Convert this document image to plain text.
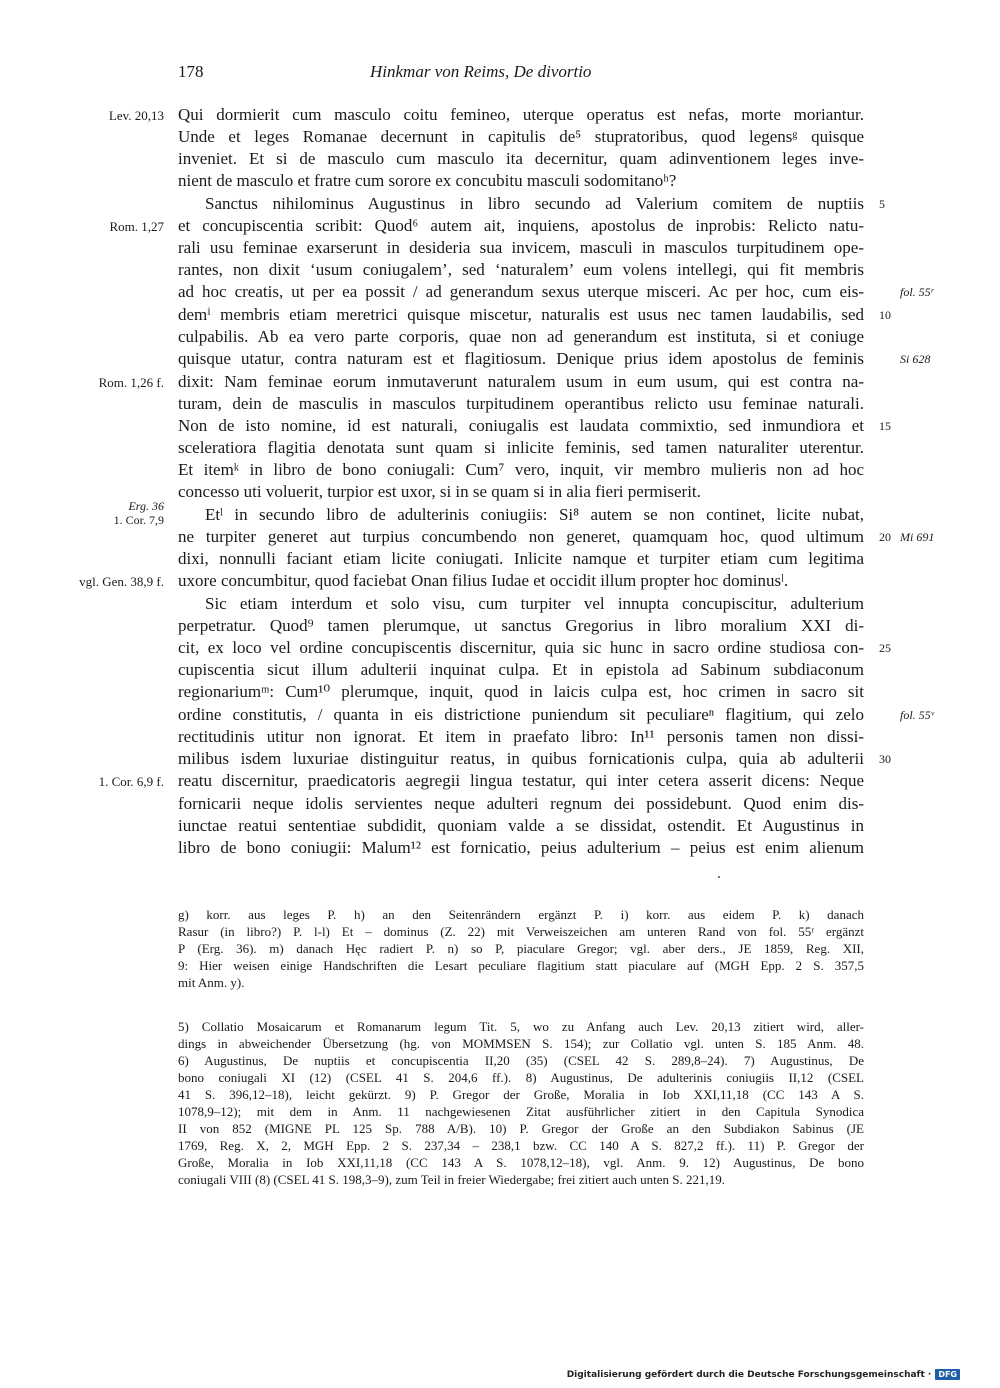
178	Hinkmar von Reims, De divortio
Qui dormierit cum masculo coitu femineo, uterque operatus est nefas, morte moriantur.
Unde et leges Romanae decernunt in capitulis de⁵ stupratoribus, quod legensᵍ quisque
inveniet. Et si de masculo cum masculo ita decernitur, quam adinventionem leges inve-
nient de masculo et fratre cum sorore ex concubitu masculi sodomitanoʰ?
Sanctus nihilominus Augustinus in libro secundo ad Valerium comitem de nuptiis
et concupiscentia scribit: Quod⁶ autem ait, inquiens, apostolus de inprobis: Relicto natu-
rali usu feminae exarserunt in desideria sua invicem, masculi in masculos turpitudinem ope-
rantes, non dixit ‘usum coniugalem’, sed ‘naturalem’ eum volens intellegi, qui fit membris
ad hoc creatis, ut per ea possit / ad generandum sexus uterque misceri. Ac per hoc, cum eis-
demⁱ membris etiam meretrici quisque miscetur, naturalis est usus nec tamen laudabilis, sed
culpabilis. Ab ea vero parte corporis, quae non ad generandum est instituta, si et coniuge
quisque utatur, contra naturam est et flagitiosum. Denique prius idem apostolus de feminis
dixit: Nam feminae eorum inmutaverunt naturalem usum in eum usum, qui est contra na-
turam, dein de masculis in masculos turpitudinem operantibus relicto usu feminae naturali.
Non de isto nomine, id est naturali, coniugalis est laudata commixtio, sed inmundiora et
sceleratiora flagitia denotata sunt quam si inlicite feminis, sed tamen naturaliter uterentur.
Et itemᵏ in libro de bono coniugali: Cum⁷ vero, inquit, vir membro mulieris non ad hoc
concesso uti voluerit, turpior est uxor, si in se quam si in alia fieri permiserit.
Etˡ in secundo libro de adulterinis coniugiis: Si⁸ autem se non continet, licite nubat,
ne turpiter generet aut turpius concumbendo non generet, quamquam hoc, quod ultimum
dixi, nonnulli faciant etiam licite coniugati. Inlicite namque et turpiter etiam cum legitima
uxore concumbitur, quod faciebat Onan filius Iudae et occidit illum propter hoc dominusˡ.
Sic etiam interdum et solo visu, cum turpiter vel innupta concupiscitur, adulterium
perpetratur. Quod⁹ tamen plerumque, ut sanctus Gregorius in libro moralium XXI di-
cit, ex loco vel ordine concupiscentis discernitur, quia sic hunc in sacro ordine studiosa con-
cupiscentia sicut illum adulterii inquinat culpa. Et in epistola ad Sabinum subdiaconum
regionariumᵐ: Cum¹⁰ plerumque, inquit, quod in laicis culpa est, hoc crimen in sacro sit
ordine constitutis, / quanta in eis districtione puniendum sit peculiareⁿ flagitium, qui zelo
rectitudinis utitur non ignorat. Et item in praefato libro: In¹¹ personis tamen non dissi-
milibus isdem luxuriae distinguitur reatus, in quibus fornicationis culpa, quia ab adulterii
reatu discernitur, praedicatoris aegregii lingua testatur, qui inter cetera asserit dicens: Neque
fornicarii neque idolis servientes neque adulteri regnum dei possidebunt. Quod enim dis-
iunctae reatui sententiae subdidit, quoniam valde a se dissidat, ostendit. Et Augustinus in
libro de bono coniugii: Malum¹² est fornicatio, peius adulterium – peius est enim alienum
Lev. 20,13
Rom. 1,27
Rom. 1,26 f.
Erg. 36
1. Cor. 7,9
vgl. Gen. 38,9 f.
1. Cor. 6,9 f.
5
10
15
20
25
30
fol. 55ʳ
Si 628
Mi 691
fol. 55ᵛ
g) korr. aus leges P. h) an den Seitenrändern ergänzt P. i) korr. aus eidem P. k) danach
Rasur (in libro?) P. l-l) Et – dominus (Z. 22) mit Verweiszeichen am unteren Rand von fol. 55ʳ ergänzt
P (Erg. 36). m) danach Hęc radiert P. n) so P, piaculare Gregor; vgl. aber ders., JE 1859, Reg. XII,
9: Hier weisen einige Handschriften die Lesart peculiare flagitium statt piaculare auf (MGH Epp. 2 S. 357,5
mit Anm. y).
5) Collatio Mosaicarum et Romanarum legum Tit. 5, wo zu Anfang auch Lev. 20,13 zitiert wird, aller-
dings in abweichender Übersetzung (hg. von MOMMSEN S. 154); zur Collatio vgl. unten S. 185 Anm. 48.
6) Augustinus, De nuptiis et concupiscentia II,20 (35) (CSEL 42 S. 289,8–24). 7) Augustinus, De
bono coniugali XI (12) (CSEL 41 S. 204,6 ff.). 8) Augustinus, De adulterinis coniugiis II,12 (CSEL
41 S. 396,12–18), leicht gekürzt. 9) P. Gregor der Große, Moralia in Iob XXI,11,18 (CC 143 A S.
1078,9–12); mit dem in Anm. 11 nachgewiesenen Zitat ausführlicher zitiert in den Capitula Synodica
II von 852 (MIGNE PL 125 Sp. 788 A/B). 10) P. Gregor der Große an den Subdiakon Sabinus (JE
1769, Reg. X, 2, MGH Epp. 2 S. 237,34 – 238,1 bzw. CC 140 A S. 827,2 ff.). 11) P. Gregor der
Große, Moralia in Iob XXI,11,18 (CC 143 A S. 1078,12–18), vgl. Anm. 9. 12) Augustinus, De bono
coniugali VIII (8) (CSEL 41 S. 198,3–9), zum Teil in freier Wiedergabe; frei zitiert auch unten S. 221,19.
Digitalisierung gefördert durch die Deutsche Forschungsgemeinschaft · DFG
